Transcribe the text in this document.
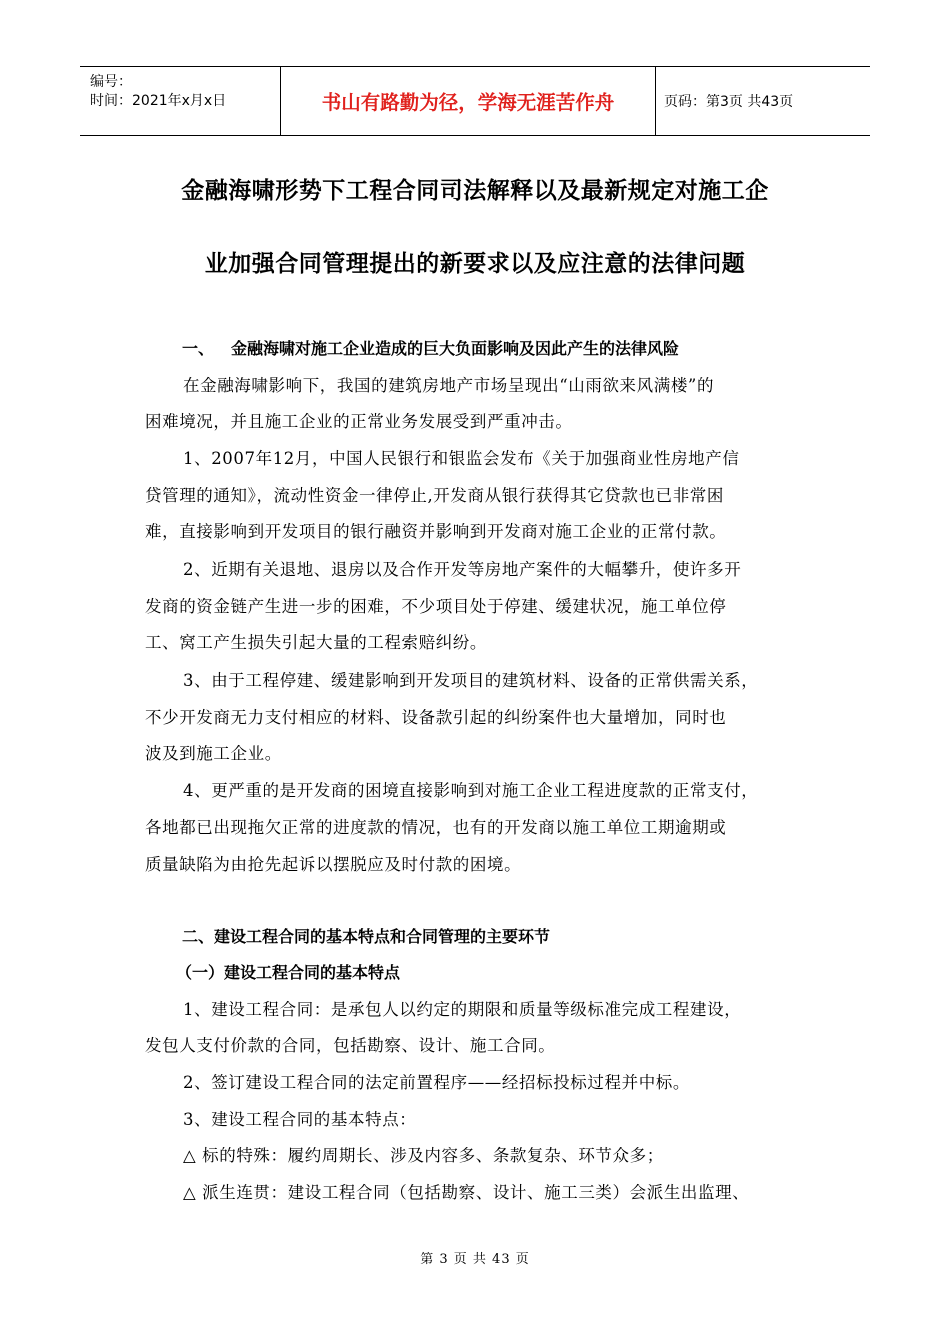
编号：
时间：2021年x月x日	书山有路勤为径，学海无涯苦作舟	页码：第3页 共43页
金融海啸形势下工程合同司法解释以及最新规定对施工企
业加强合同管理提出的新要求以及应注意的法律问题
一、 金融海啸对施工企业造成的巨大负面影响及因此产生的法律风险
在金融海啸影响下，我国的建筑房地产市场呈现出“山雨欲来风满楼”的
困难境况，并且施工企业的正常业务发展受到严重冲击。
1、2007年12月，中国人民银行和银监会发布《关于加强商业性房地产信
贷管理的通知》，流动性资金一律停止,开发商从银行获得其它贷款也已非常困
难，直接影响到开发项目的银行融资并影响到开发商对施工企业的正常付款。
2、近期有关退地、退房以及合作开发等房地产案件的大幅攀升，使许多开
发商的资金链产生进一步的困难，不少项目处于停建、缓建状况，施工单位停
工、窝工产生损失引起大量的工程索赔纠纷。
3、由于工程停建、缓建影响到开发项目的建筑材料、设备的正常供需关系，
不少开发商无力支付相应的材料、设备款引起的纠纷案件也大量增加，同时也
波及到施工企业。
4、更严重的是开发商的困境直接影响到对施工企业工程进度款的正常支付，
各地都已出现拖欠正常的进度款的情况，也有的开发商以施工单位工期逾期或
质量缺陷为由抢先起诉以摆脱应及时付款的困境。
二、建设工程合同的基本特点和合同管理的主要环节
（一）建设工程合同的基本特点
1、建设工程合同：是承包人以约定的期限和质量等级标准完成工程建设，
发包人支付价款的合同，包括勘察、设计、施工合同。
2、签订建设工程合同的法定前置程序——经招标投标过程并中标。
3、建设工程合同的基本特点：
△ 标的特殊：履约周期长、涉及内容多、条款复杂、环节众多；
△ 派生连贯：建设工程合同（包括勘察、设计、施工三类）会派生出监理、
第 3 页 共 43 页
